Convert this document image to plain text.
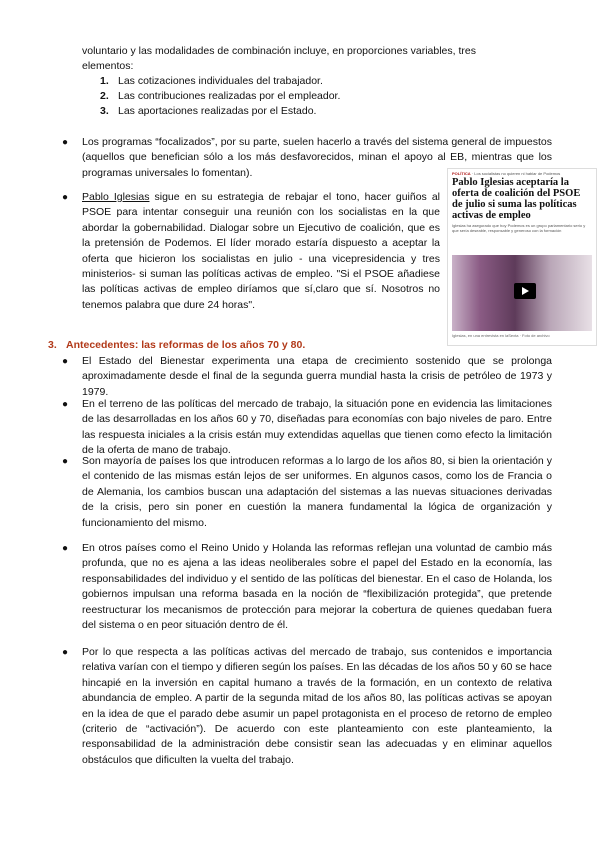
voluntario y las modalidades de combinación incluye, en proporciones variables, tres

elementos:

1. Las cotizaciones individuales del trabajador.
2. Las contribuciones realizadas por el empleador.
3. Las aportaciones realizadas por el Estado.
● Los programas “focalizados”, por su parte, suelen hacerlo a través del sistema general de impuestos (aquellos que benefician sólo a los más desfavorecidos, minan el apoyo al EB, mientras que los programas universales lo fomentan).

● Pablo Iglesias sigue en su estrategia de rebajar el tono, hacer guiños al PSOE para intentar conseguir una reunión con los socialistas en la que abordar la gobernabilidad. Dialogar sobre un Ejecutivo de coalición, que es la pretensión de Podemos. El líder morado estaría dispuesto a aceptar la oferta que hicieron los socialistas en julio - una vicepresidencia y tres ministerios- si suman las políticas activas de empleo. "Si el PSOE añadiese las políticas activas de empleo diríamos que sí,claro que sí. Nosotros no tenemos palabra que dure 24 horas".

POLÍTICA · Los socialistas no quieren ni hablar de Podemos
Pablo Iglesias aceptaría la oferta de coalición del PSOE de julio si suma las políticas activas de empleo
Iglesias ha asegurado que hoy Podemos es un grupo parlamentario serio y que sería deseable, responsable y generoso con la formación
Iglesias, en una entrevista en laSexta · Foto de archivo
3. Antecedentes: las reformas de los años 70 y 80.
● El Estado del Bienestar experimenta una etapa de crecimiento sostenido que se prolonga aproximadamente desde el final de la segunda guerra mundial hasta la crisis de petróleo de 1973 y 1979.

● En el terreno de las políticas del mercado de trabajo, la situación pone en evidencia las limitaciones de las desarrolladas en los años 60 y 70, diseñadas para economías con bajo niveles de paro. Entre las respuesta iniciales a la crisis están muy extendidas aquellas que tienen como efecto la limitación de la oferta de mano de trabajo.

● Son mayoría de países los que introducen reformas a lo largo de los años 80, si bien la orientación y el contenido de las mismas están lejos de ser uniformes. En algunos casos, como los de Francia o de Alemania, los cambios buscan una adaptación del sistemas a las nuevas situaciones derivadas de la crisis, pero sin poner en cuestión la manera fundamental la lógica de organización y funcionamiento del mismo.

● En otros países como el Reino Unido y Holanda las reformas reflejan una voluntad de cambio más profunda, que no es ajena a las ideas neoliberales sobre el papel del Estado en la economía, las responsabilidades del individuo y el sentido de las políticas del bienestar. En el caso de Holanda, los gobiernos impulsan una reforma basada en la noción de “flexibilización protegida”, que pretende reestructurar los mecanismos de protección para mejorar la cobertura de quienes quedaban fuera del sistema o en peor situación dentro de él.

● Por lo que respecta a las políticas activas del mercado de trabajo, sus contenidos e importancia relativa varían con el tiempo y difieren según los países. En las décadas de los años 50 y 60 se hace hincapié en la inversión en capital humano a través de la formación, en un contexto de relativa abundancia de empleo. A partir de la segunda mitad de los años 80, las políticas activas se apoyan en la idea de que el parado debe asumir un papel protagonista en el proceso de retorno de empleo (criterio de “activación”). De acuerdo con este planteamiento con este planteamiento, la responsabilidad de la administración debe consistir sean las adecuadas y en eliminar aquellos obstáculos que dificulten la vuelta del trabajo.
